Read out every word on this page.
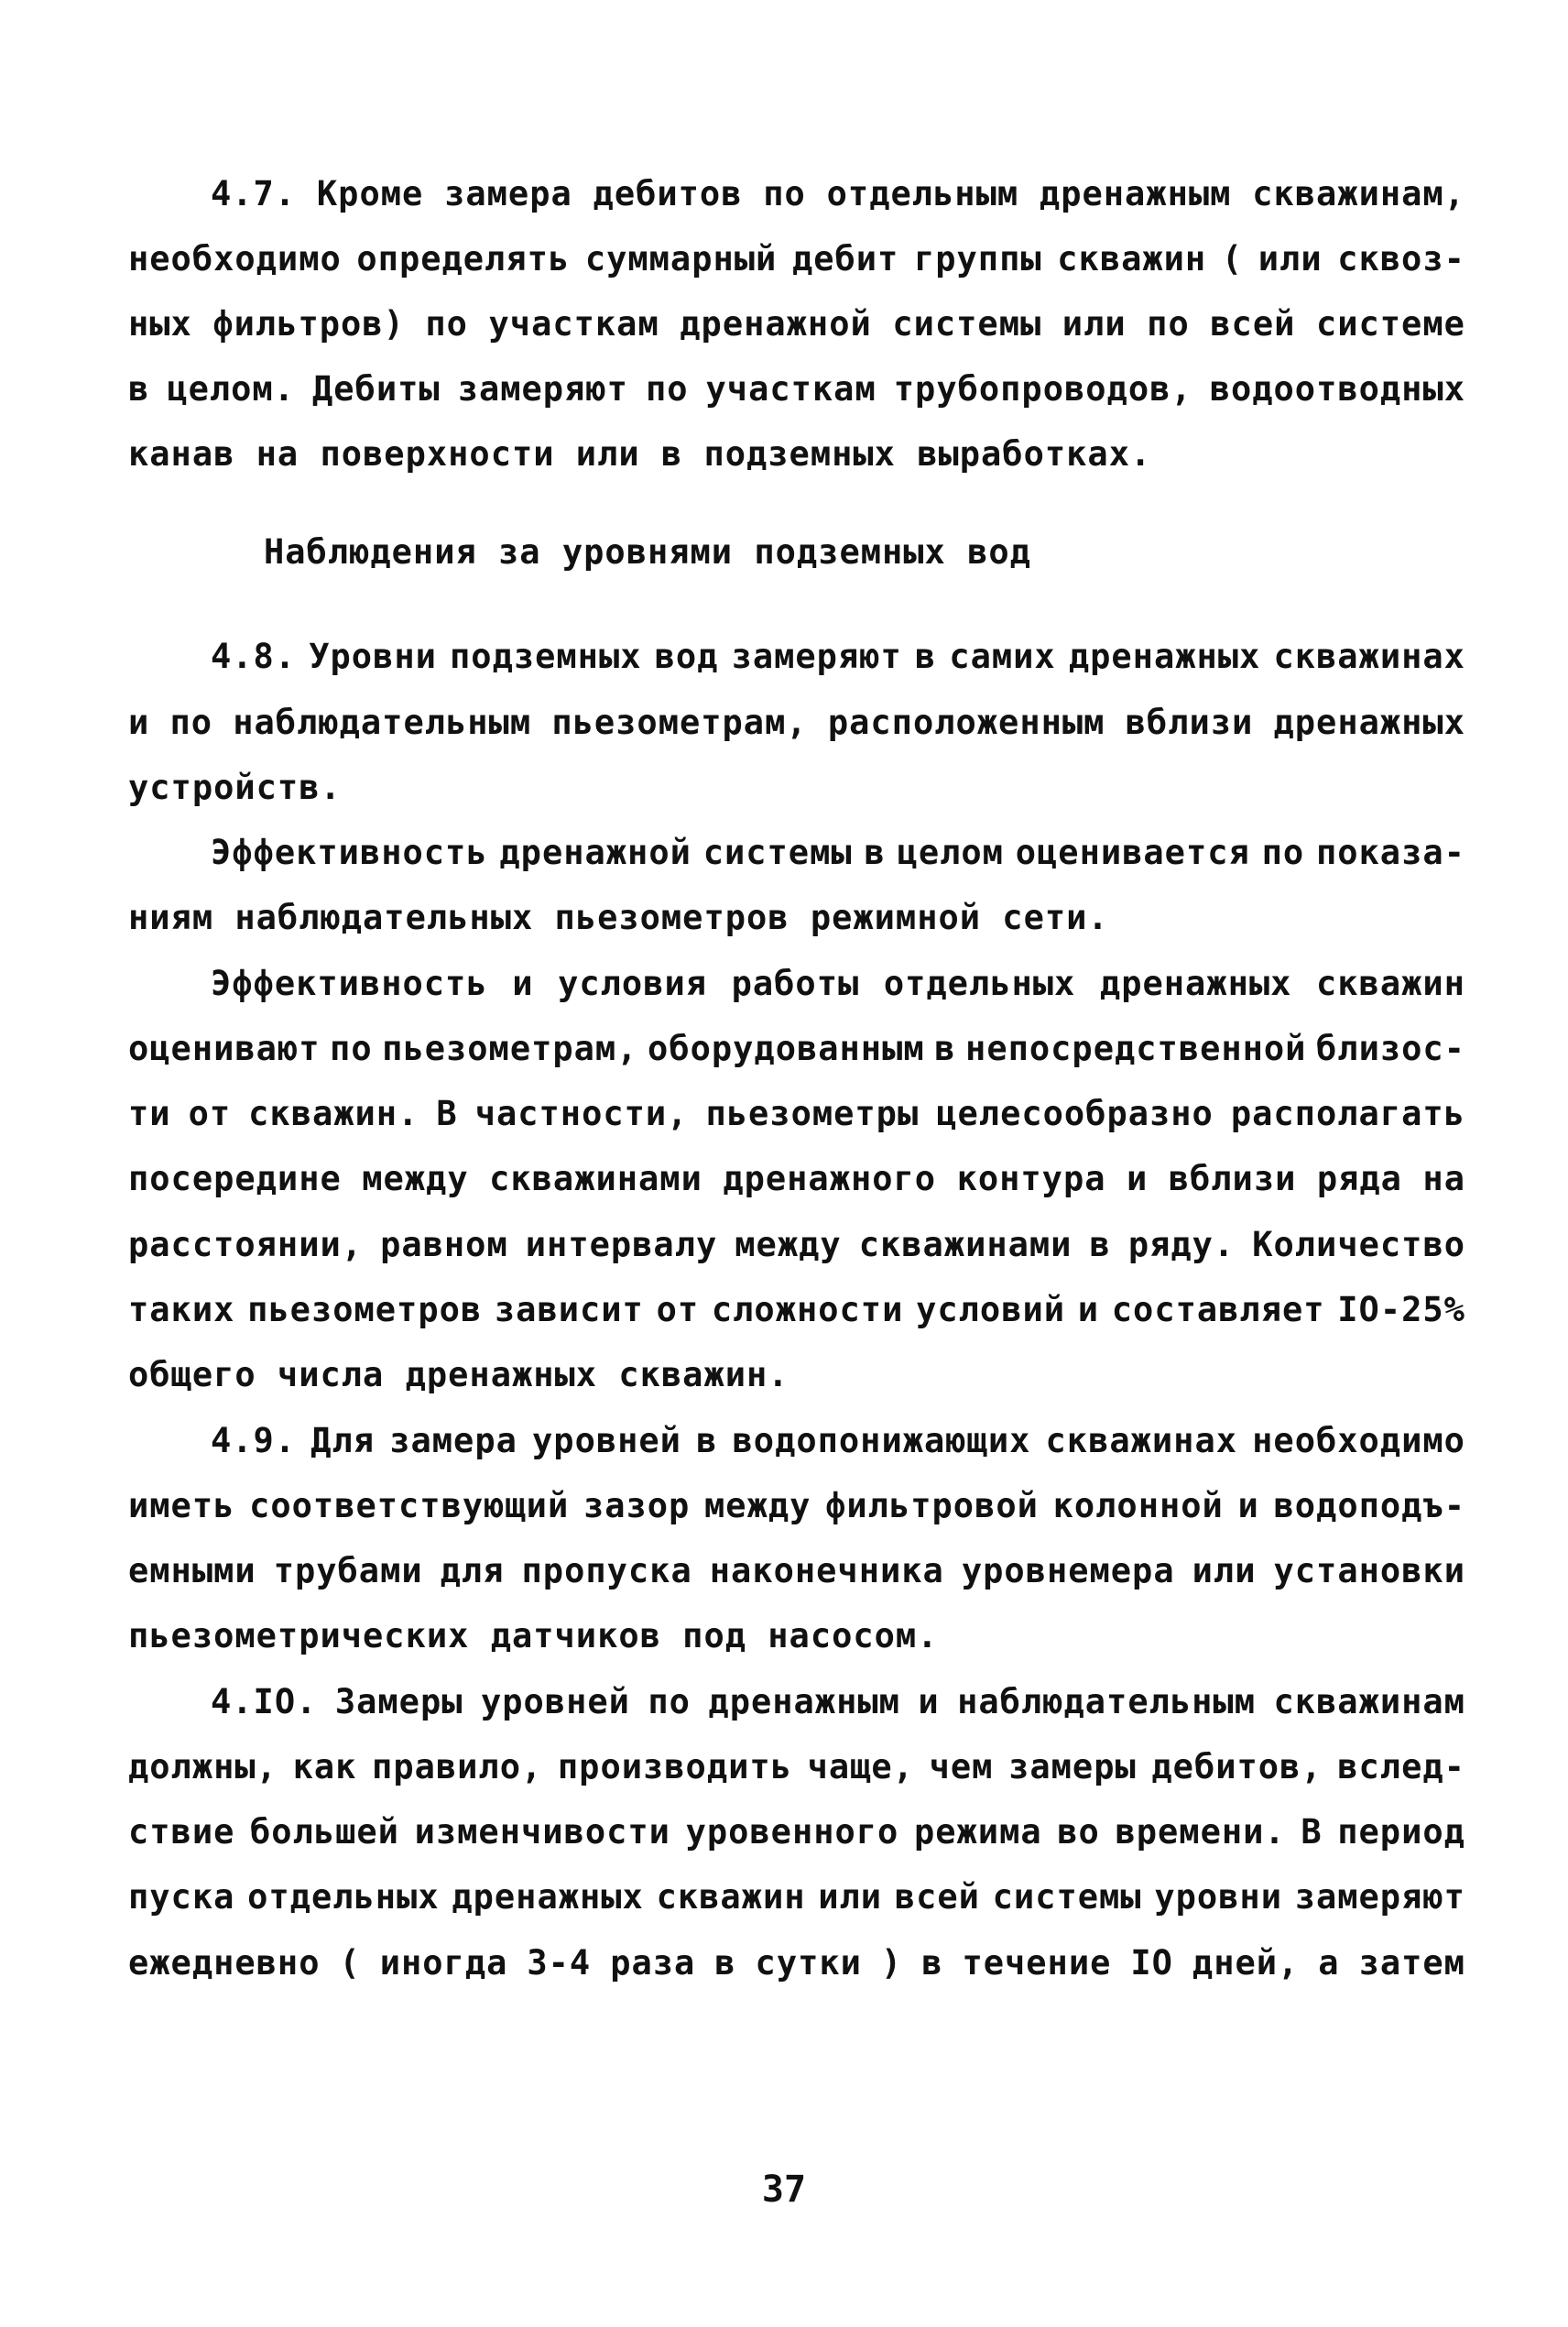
4.7. Кроме замера дебитов по отдельным дренажным скважинам,
необходимо определять суммарный дебит группы скважин ( или сквоз-
ных фильтров) по участкам дренажной системы или по всей системе
в целом. Дебиты замеряют по участкам трубопроводов, водоотводных
канав на поверхности или в подземных выработках.
Наблюдения за уровнями подземных вод
4.8. Уровни подземных вод замеряют в самих дренажных скважинах
и по наблюдательным пьезометрам, расположенным вблизи дренажных
устройств.
Эффективность дренажной системы в целом оценивается по показа-
ниям наблюдательных пьезометров режимной сети.
Эффективность и условия работы отдельных дренажных скважин
оценивают по пьезометрам, оборудованным в непосредственной близос-
ти от скважин. В частности, пьезометры целесообразно располагать
посередине между скважинами дренажного контура и вблизи ряда на
расстоянии, равном интервалу между скважинами в ряду. Количество
таких пьезометров зависит от сложности условий и составляет IO-25%
общего числа дренажных скважин.
4.9. Для замера уровней в водопонижающих скважинах необходимо
иметь соответствующий зазор между фильтровой колонной и водоподъ-
емными трубами для пропуска наконечника уровнемера или установки
пьезометрических датчиков под насосом.
4.IO. Замеры уровней по дренажным и наблюдательным скважинам
должны, как правило, производить чаще, чем замеры дебитов, вслед-
ствие большей изменчивости уровенного режима во времени. В период
пуска отдельных дренажных скважин или всей системы уровни замеряют
ежедневно ( иногда 3-4 раза в сутки ) в течение IO дней, а затем
37
